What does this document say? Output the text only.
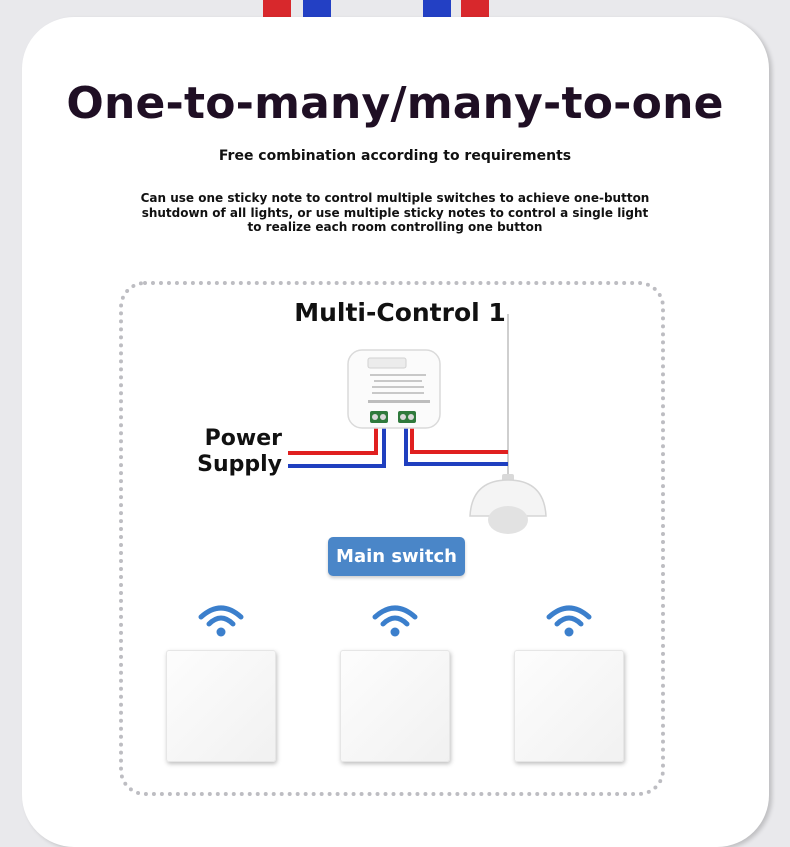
One-to-many/many-to-one
Free combination according to requirements
Can use one sticky note to control multiple switches to achieve one-button shutdown of all lights, or use multiple sticky notes to control a single light to realize each room controlling one button
Multi-Control 1
Power
Supply
Main switch
